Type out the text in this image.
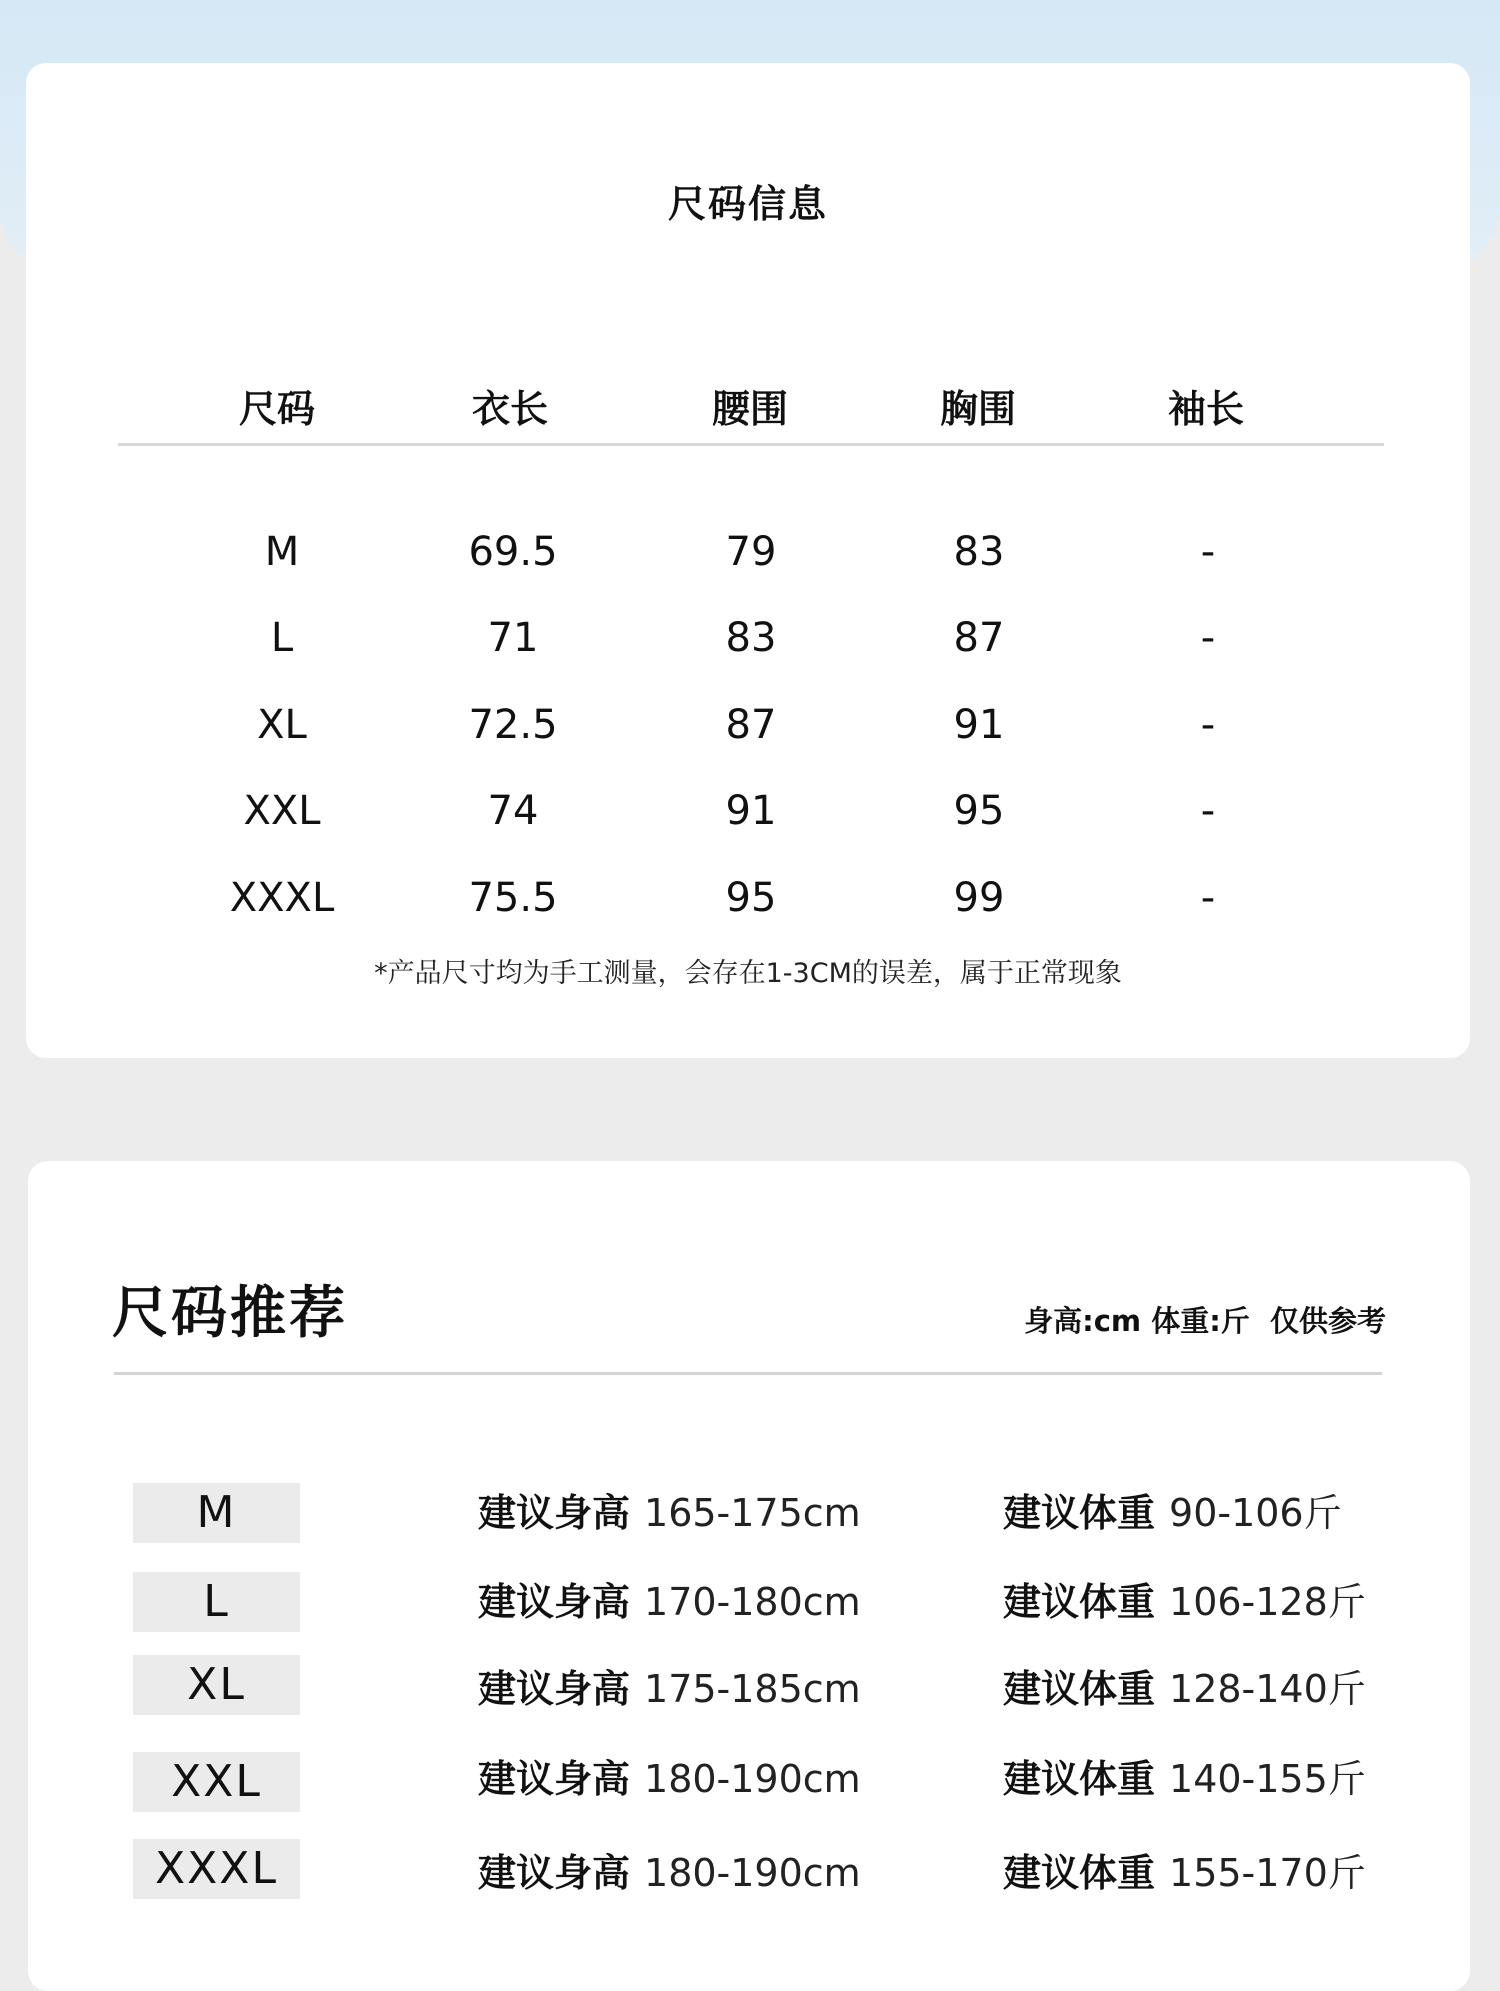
尺码信息
尺码	衣长	腰围	胸围	袖长
M	69.5	79	83	-
L	71	83	87	-
XL	72.5	87	91	-
XXL	74	91	95	-
XXXL	75.5	95	99	-
*产品尺寸均为手工测量，会存在1-3CM的误差，属于正常现象
尺码推荐	身高:cm 体重:斤  仅供参考
M	建议身高 165-175cm	建议体重 90-106斤
L	建议身高 170-180cm	建议体重 106-128斤
XL	建议身高 175-185cm	建议体重 128-140斤
XXL	建议身高 180-190cm	建议体重 140-155斤
XXXL	建议身高 180-190cm	建议体重 155-170斤
